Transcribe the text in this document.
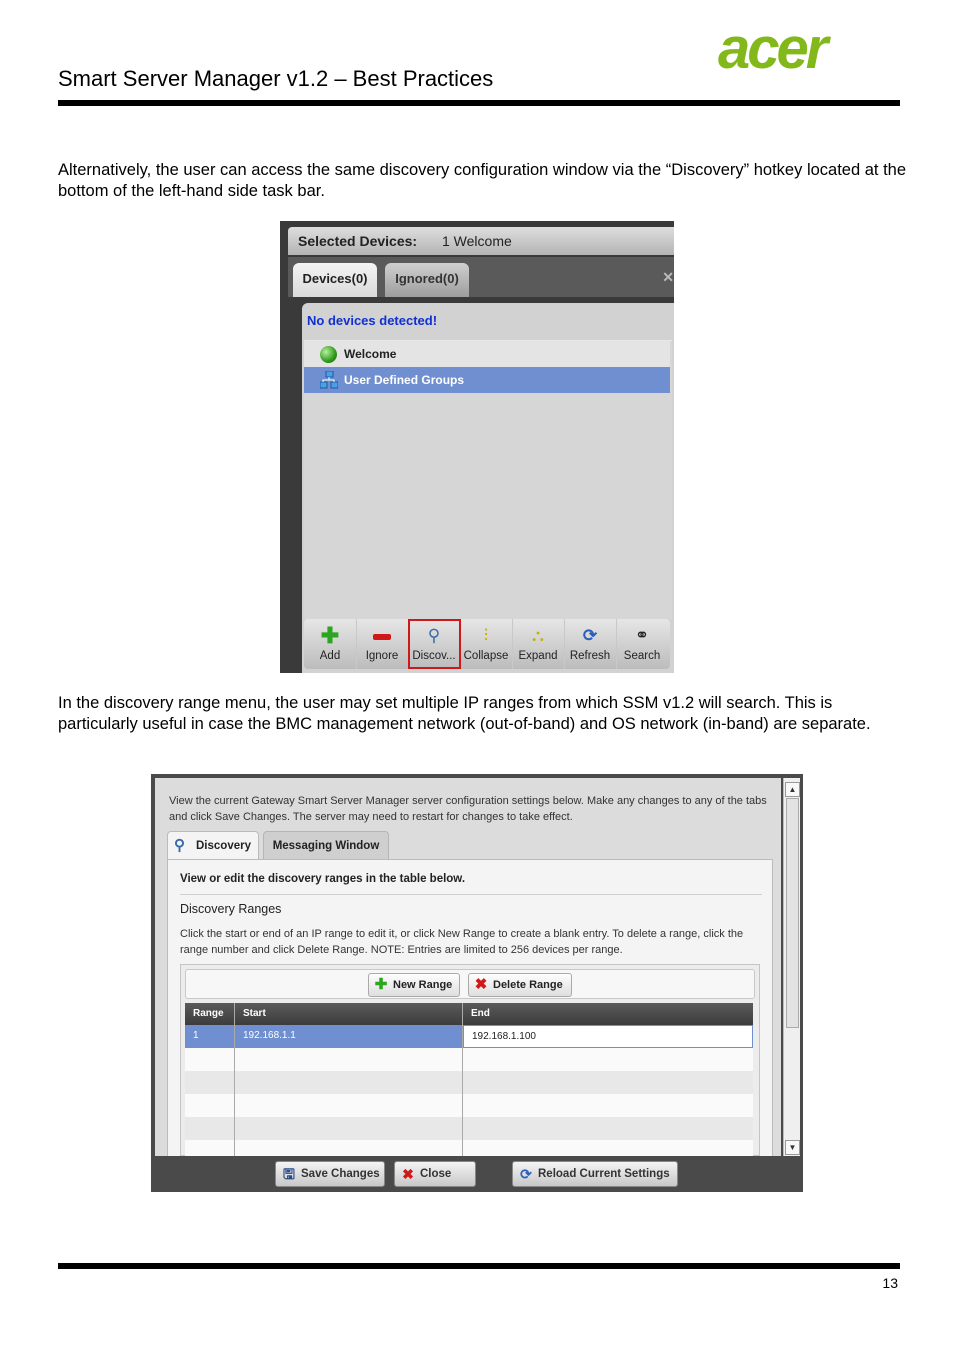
Smart Server Manager v1.2 – Best Practices	acer
Alternatively, the user can access the same discovery configuration window via the “Discovery” hotkey located at the bottom of the left-hand side task bar.
Selected Devices: 1 Welcome
Devices(0)	Ignored(0)	✕
No devices detected!
Welcome
User Defined Groups
✚
Add	Ignore
⚲
Discov...
⫶
Collapse
⛬
Expand
⟳
Refresh
⚭
Search
In the discovery range menu, the user may set multiple IP ranges from which SSM v1.2 will search. This is particularly useful in case the BMC management network (out-of-band) and OS network (in-band) are separate.
View the current Gateway Smart Server Manager server configuration settings below. Make any changes to any of the tabs and click Save Changes. The server may need to restart for changes to take effect.
⚲ Discovery	Messaging Window
View or edit the discovery ranges in the table below.
Discovery Ranges
Click the start or end of an IP range to edit it, or click New Range to create a blank entry. To delete a range, click the range number and click Delete Range. NOTE: Entries are limited to 256 devices per range.
✚ New Range ✖ Delete Range
Range	Start	End
1	192.168.1.1	192.168.1.100
▲
▼
🖫 Save Changes ✖ Close	⟳ Reload Current Settings
13
